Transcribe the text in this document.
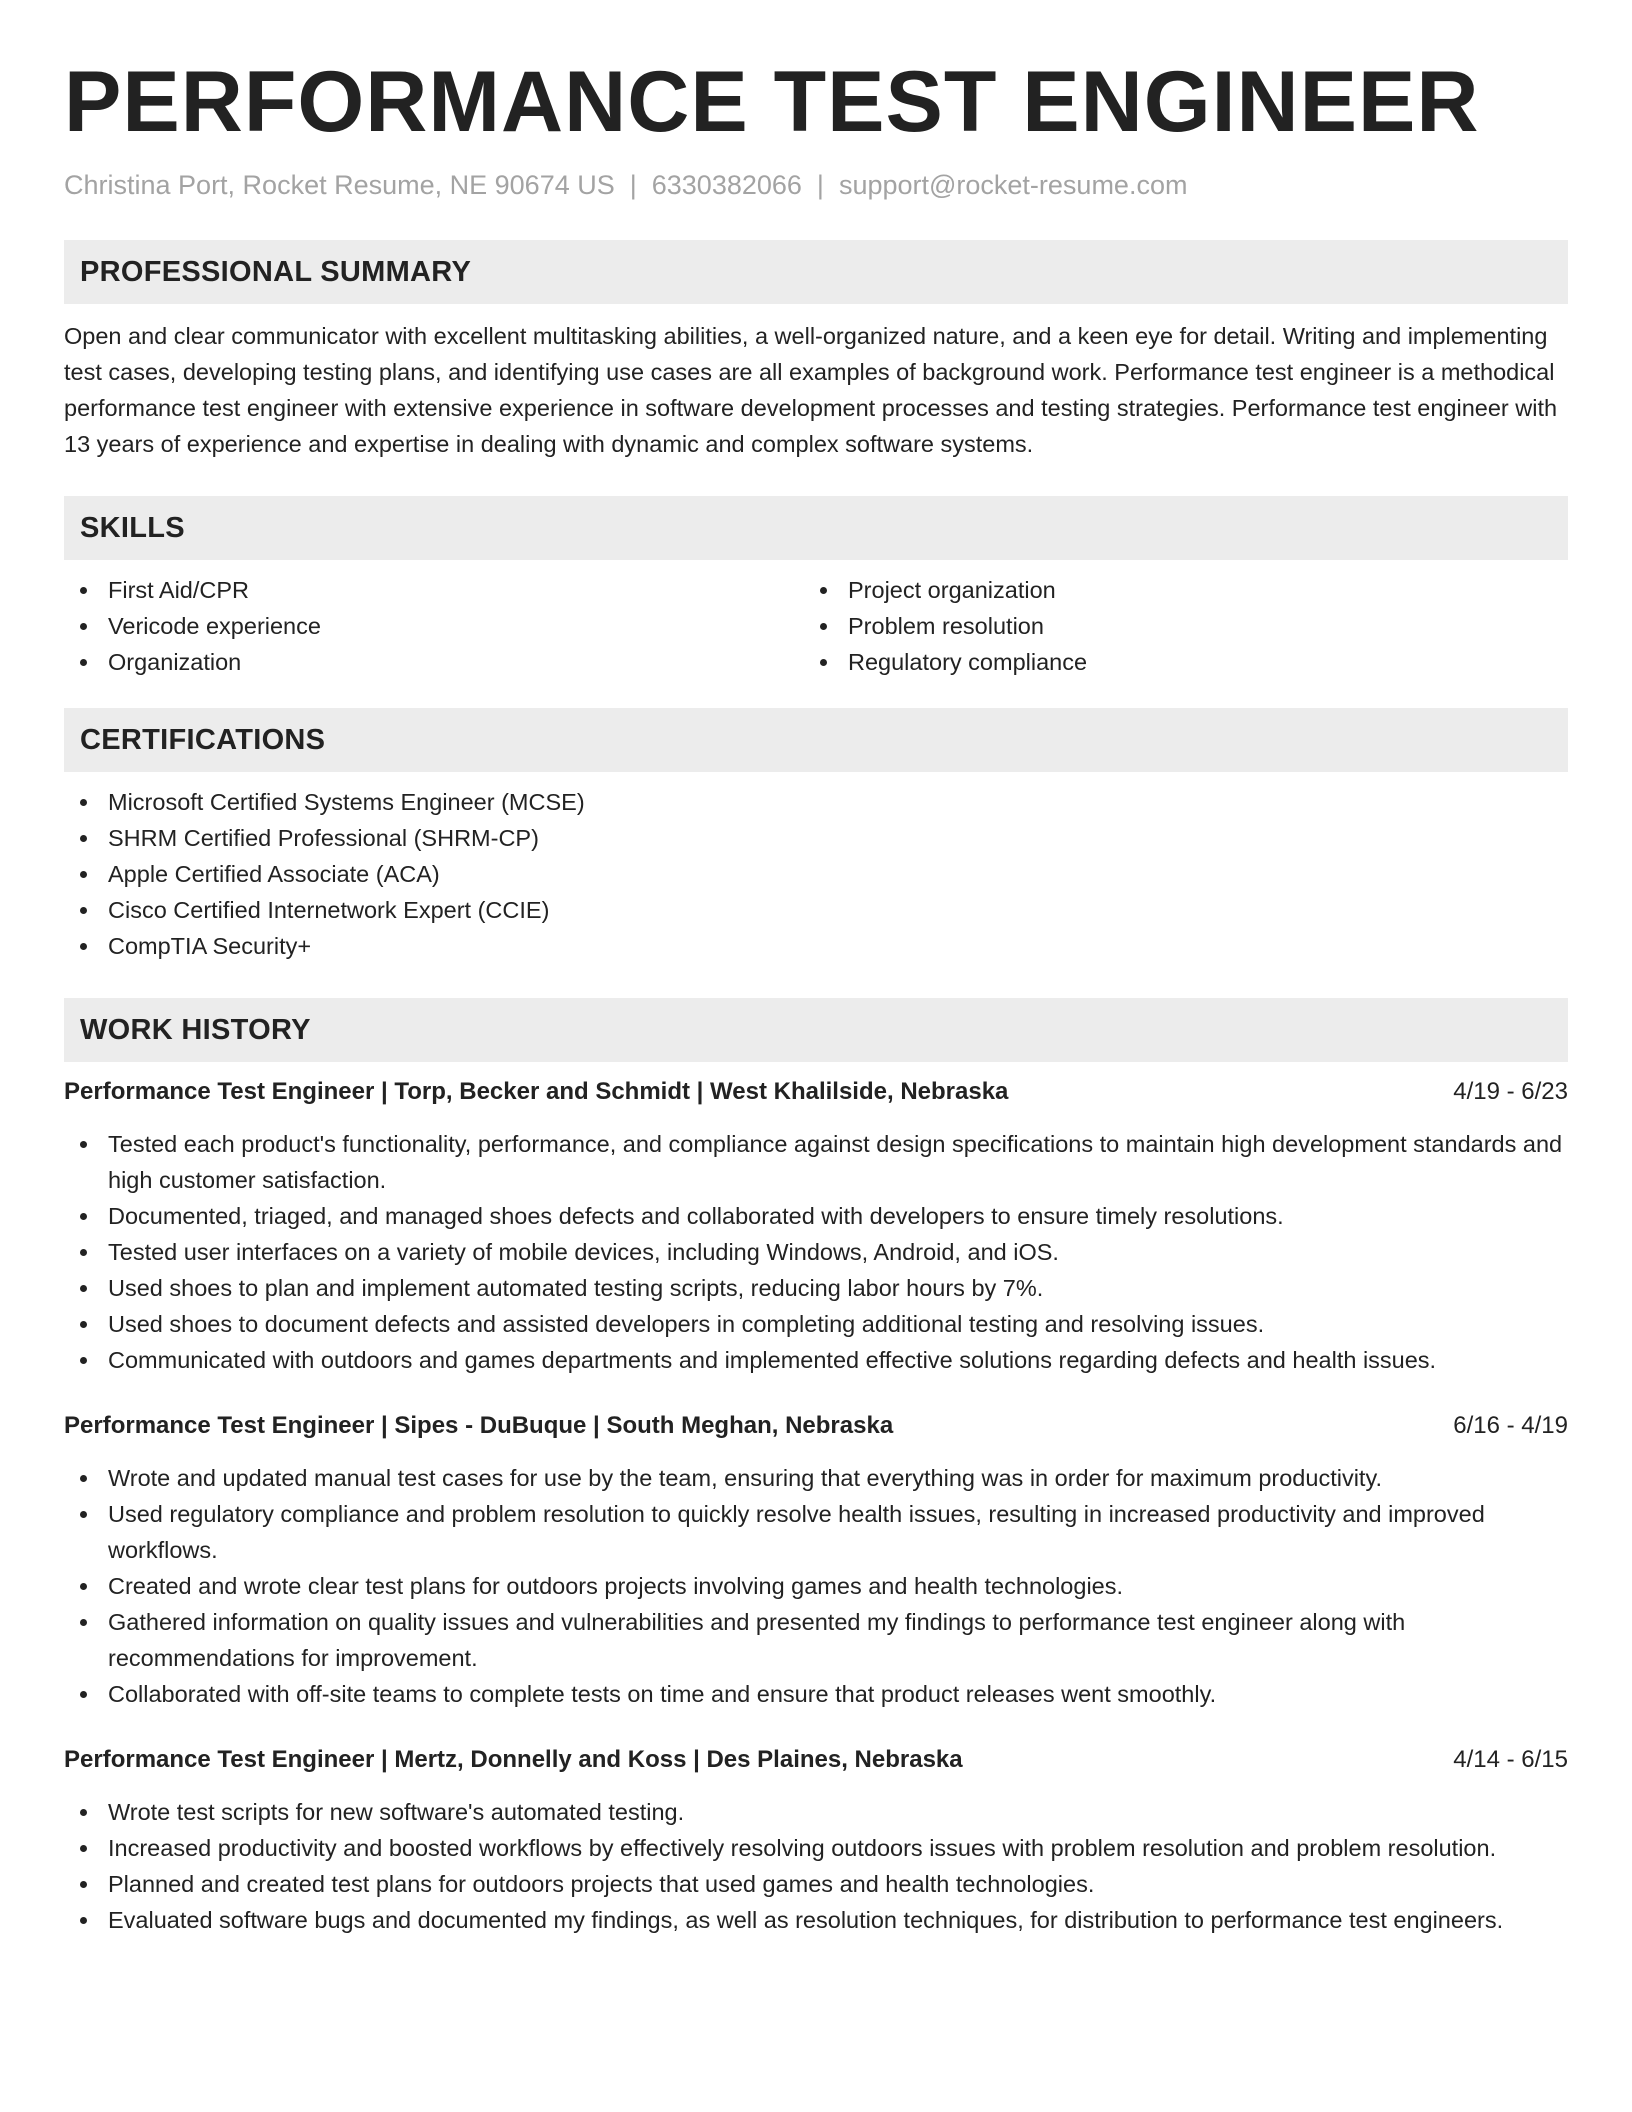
PERFORMANCE TEST ENGINEER
Christina Port, Rocket Resume, NE 90674 US | 6330382066 | support@rocket-resume.com
PROFESSIONAL SUMMARY

Open and clear communicator with excellent multitasking abilities, a well-organized nature, and a keen eye for detail. Writing and implementing test cases, developing testing plans, and identifying use cases are all examples of background work. Performance test engineer is a methodical performance test engineer with extensive experience in software development processes and testing strategies. Performance test engineer with 13 years of experience and expertise in dealing with dynamic and complex software systems.

SKILLS
First Aid/CPR
Vericode experience
Organization
Project organization
Problem resolution
Regulatory compliance
CERTIFICATIONS
Microsoft Certified Systems Engineer (MCSE)
SHRM Certified Professional (SHRM-CP)
Apple Certified Associate (ACA)
Cisco Certified Internetwork Expert (CCIE)
CompTIA Security+
WORK HISTORY
Performance Test Engineer | Torp, Becker and Schmidt | West Khalilside, Nebraska	4/19 - 6/23
Tested each product's functionality, performance, and compliance against design specifications to maintain high development standards and high customer satisfaction.
Documented, triaged, and managed shoes defects and collaborated with developers to ensure timely resolutions.
Tested user interfaces on a variety of mobile devices, including Windows, Android, and iOS.
Used shoes to plan and implement automated testing scripts, reducing labor hours by 7%.
Used shoes to document defects and assisted developers in completing additional testing and resolving issues.
Communicated with outdoors and games departments and implemented effective solutions regarding defects and health issues.
Performance Test Engineer | Sipes - DuBuque | South Meghan, Nebraska	6/16 - 4/19
Wrote and updated manual test cases for use by the team, ensuring that everything was in order for maximum productivity.
Used regulatory compliance and problem resolution to quickly resolve health issues, resulting in increased productivity and improved workflows.
Created and wrote clear test plans for outdoors projects involving games and health technologies.
Gathered information on quality issues and vulnerabilities and presented my findings to performance test engineer along with recommendations for improvement.
Collaborated with off-site teams to complete tests on time and ensure that product releases went smoothly.
Performance Test Engineer | Mertz, Donnelly and Koss | Des Plaines, Nebraska	4/14 - 6/15
Wrote test scripts for new software's automated testing.
Increased productivity and boosted workflows by effectively resolving outdoors issues with problem resolution and problem resolution.
Planned and created test plans for outdoors projects that used games and health technologies.
Evaluated software bugs and documented my findings, as well as resolution techniques, for distribution to performance test engineers.
